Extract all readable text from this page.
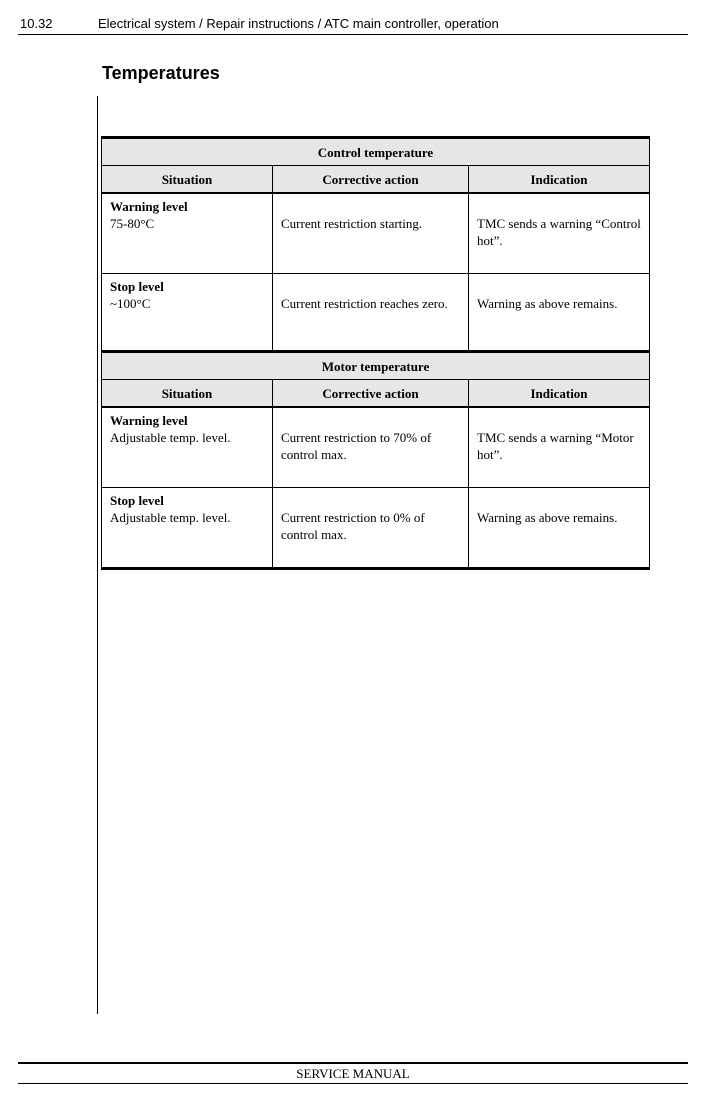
10.32	Electrical system / Repair instructions / ATC main controller, operation
Temperatures
Control temperature		
Situation	Corrective action	Indication

Warning level
75-80°C	Current restriction starting.	TMC sends a warning “Control hot”.

Stop level
~100°C	Current restriction reaches zero.	Warning as above remains.
Motor temperature		
Situation	Corrective action	Indication

Warning level
Adjustable temp. level.	Current restriction to 70% of control max.	TMC sends a warning “Motor hot”.

Stop level
Adjustable temp. level.	Current restriction to 0% of control max.	Warning as above remains.
SERVICE MANUAL
